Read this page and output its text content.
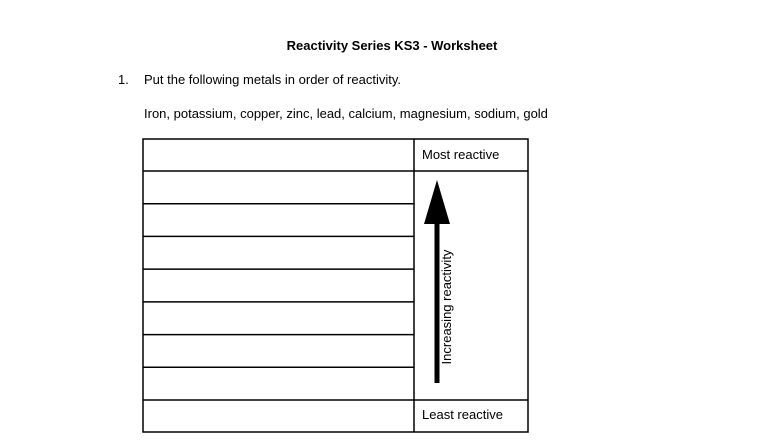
Reactivity Series KS3 - Worksheet
1. Put the following metals in order of reactivity.
Iron, potassium, copper, zinc, lead, calcium, magnesium, sodium, gold
Most reactive
Least reactive
Increasing reactivity
